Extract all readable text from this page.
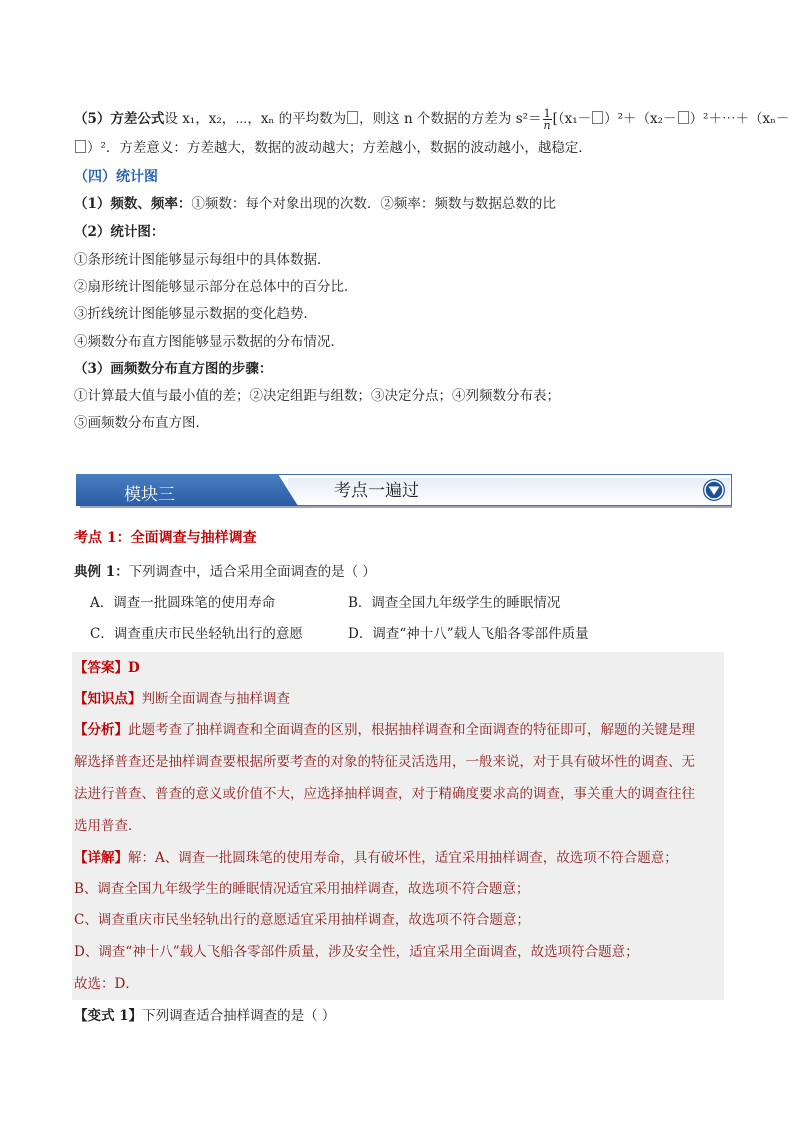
（5）方差公式设 x₁，x₂，⋯，xₙ 的平均数为 ，则这 n 个数据的方差为 $s^2= \frac{1}{n} [(x_1- )^2+(x_2-$ ）²＋⋯＋（xₙ－
）²．方差意义：方差越大，数据的波动越大；方差越小，数据的波动越小，越稳定．
（四）统计图
（1）频数、频率：①频数：每个对象出现的次数．②频率：频数与数据总数的比
（2）统计图：
①条形统计图能够显示每组中的具体数据．
②扇形统计图能够显示部分在总体中的百分比．
③折线统计图能够显示数据的变化趋势．
④频数分布直方图能够显示数据的分布情况．
（3）画频数分布直方图的步骤：
①计算最大值与最小值的差；②决定组距与组数；③决定分点；④列频数分布表；
⑤画频数分布直方图．
模块三	考点一遍过
考点 1：全面调查与抽样调查
典例 1：下列调查中，适合采用全面调查的是（ ）
A．调查一批圆珠笔的使用寿命	B．调查全国九年级学生的睡眠情况
C．调查重庆市民坐轻轨出行的意愿	D．调查“神十八”载人飞船各零部件质量
【答案】D
【知识点】判断全面调查与抽样调查
【分析】此题考查了抽样调查和全面调查的区别，根据抽样调查和全面调查的特征即可，解题的关键是理
解选择普查还是抽样调查要根据所要考查的对象的特征灵活选用，一般来说，对于具有破坏性的调查、无
法进行普查、普查的意义或价值不大，应选择抽样调查，对于精确度要求高的调查，事关重大的调查往往
选用普查．
【详解】解：A、调查一批圆珠笔的使用寿命，具有破坏性，适宜采用抽样调查，故选项不符合题意；
B、调查全国九年级学生的睡眠情况适宜采用抽样调查，故选项不符合题意；
C、调查重庆市民坐轻轨出行的意愿适宜采用抽样调查，故选项不符合题意；
D、调查“神十八”载人飞船各零部件质量，涉及安全性，适宜采用全面调查，故选项符合题意；
故选：D．
【变式 1】下列调查适合抽样调查的是（ ）
